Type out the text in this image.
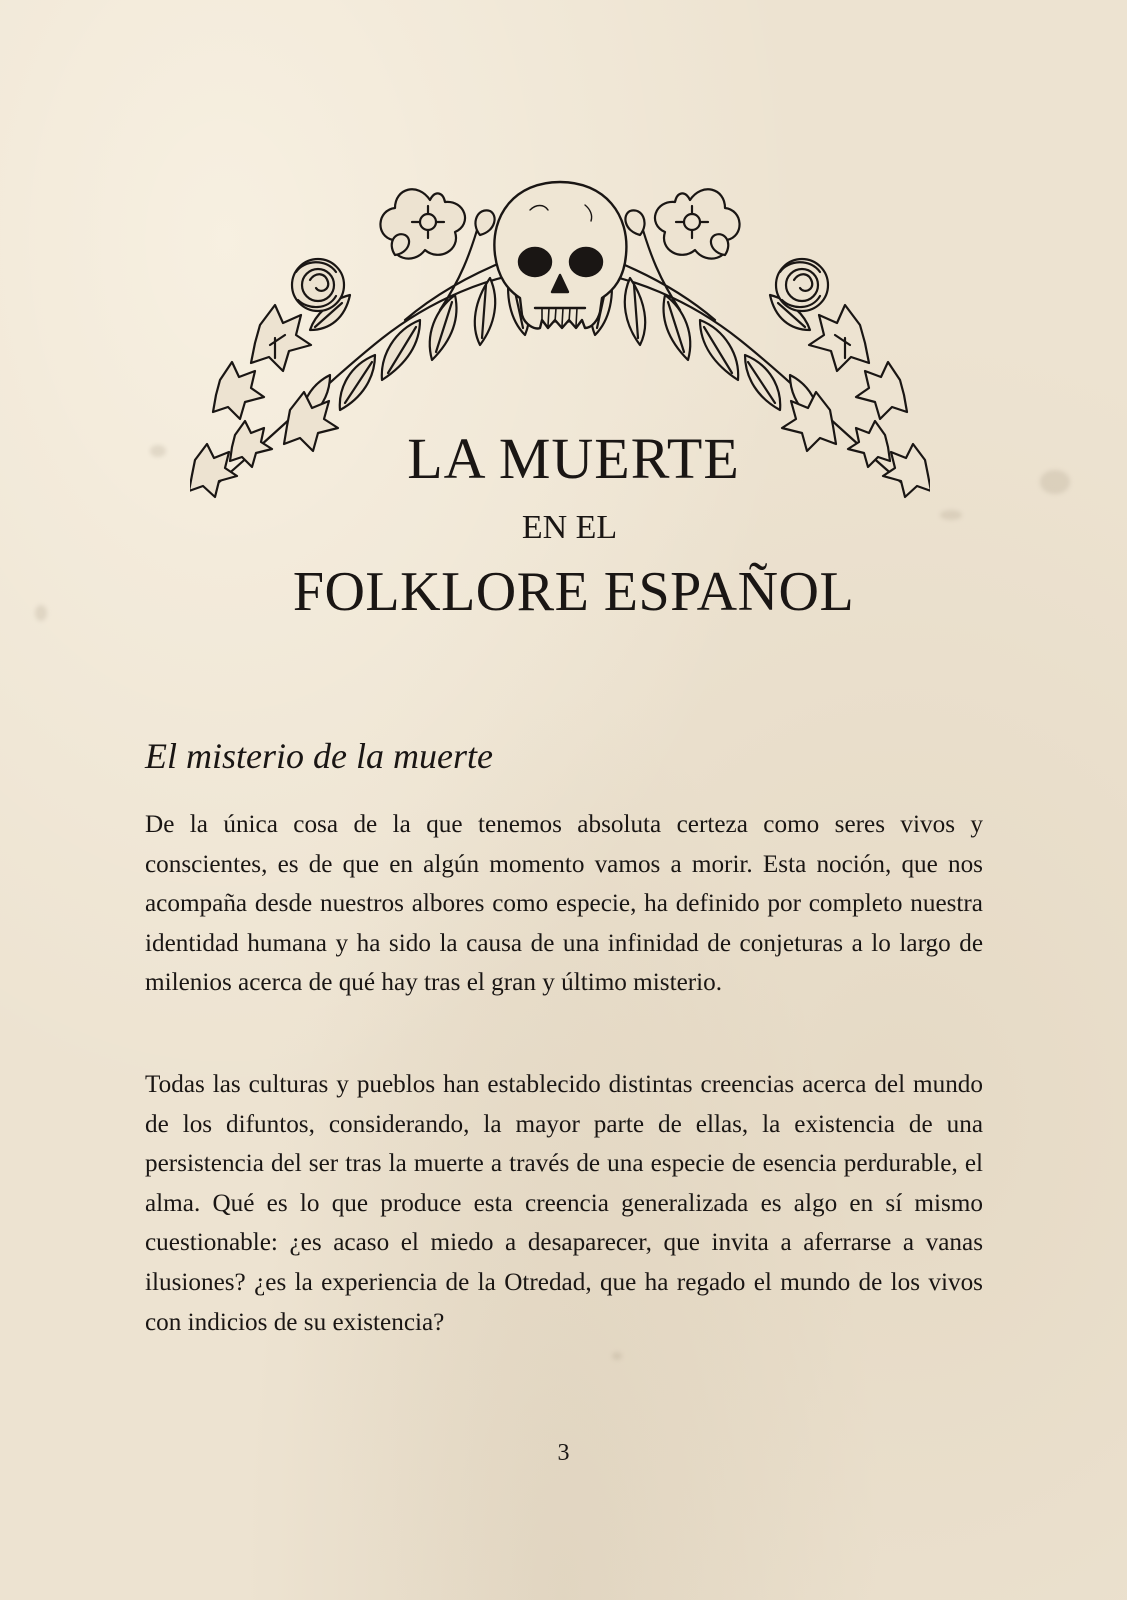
LA MUERTE
EN EL
FOLKLORE ESPAÑOL
El misterio de la muerte

De la única cosa de la que tenemos absoluta certeza como seres vivos y conscientes, es de que en algún momento vamos a morir. Esta noción, que nos acompaña desde nuestros albores como especie, ha definido por completo nuestra identidad humana y ha sido la causa de una infinidad de conjeturas a lo largo de milenios acerca de qué hay tras el gran y último misterio.

Todas las culturas y pueblos han establecido distintas creencias acerca del mundo de los difuntos, considerando, la mayor parte de ellas, la existencia de una persistencia del ser tras la muerte a través de una especie de esencia perdurable, el alma. Qué es lo que produce esta creencia generalizada es algo en sí mismo cuestionable: ¿es acaso el miedo a desaparecer, que invita a aferrarse a vanas ilusiones? ¿es la experiencia de la Otredad, que ha regado el mundo de los vivos con indicios de su existencia?

3
